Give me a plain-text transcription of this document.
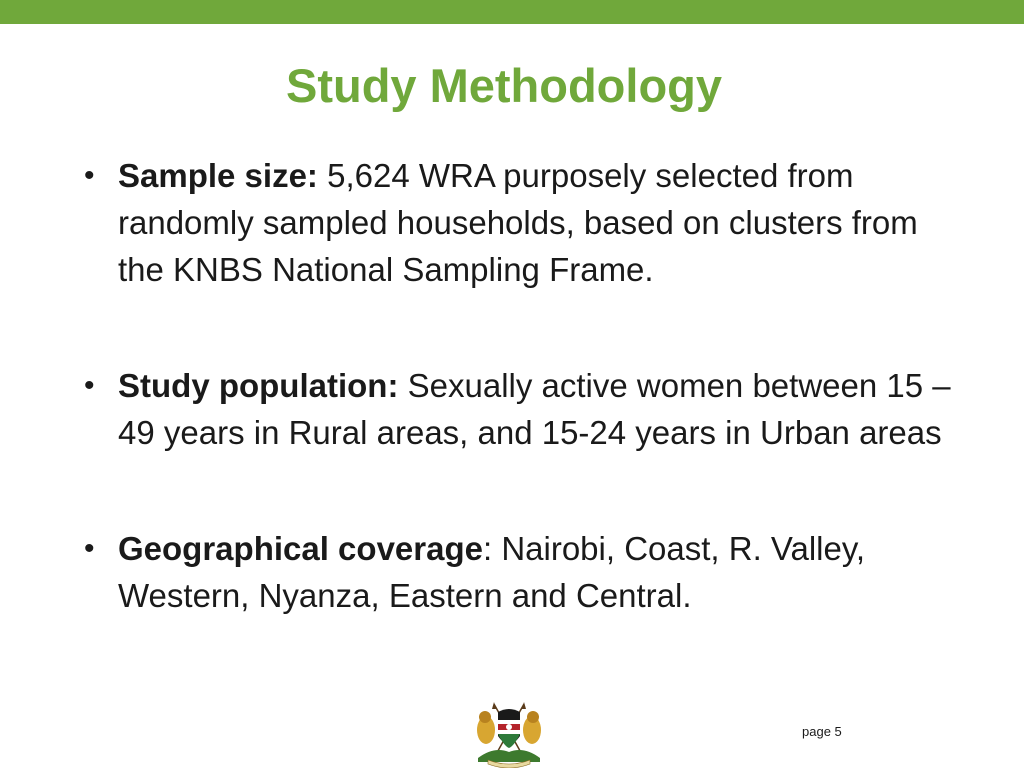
Study Methodology
• Sample size: 5,624 WRA purposely selected from randomly sampled households, based on clusters from the KNBS National Sampling Frame.
• Study population: Sexually active women between 15 – 49 years in Rural areas, and 15-24 years in Urban areas
• Geographical coverage: Nairobi, Coast, R. Valley, Western, Nyanza, Eastern and Central.
page 5
